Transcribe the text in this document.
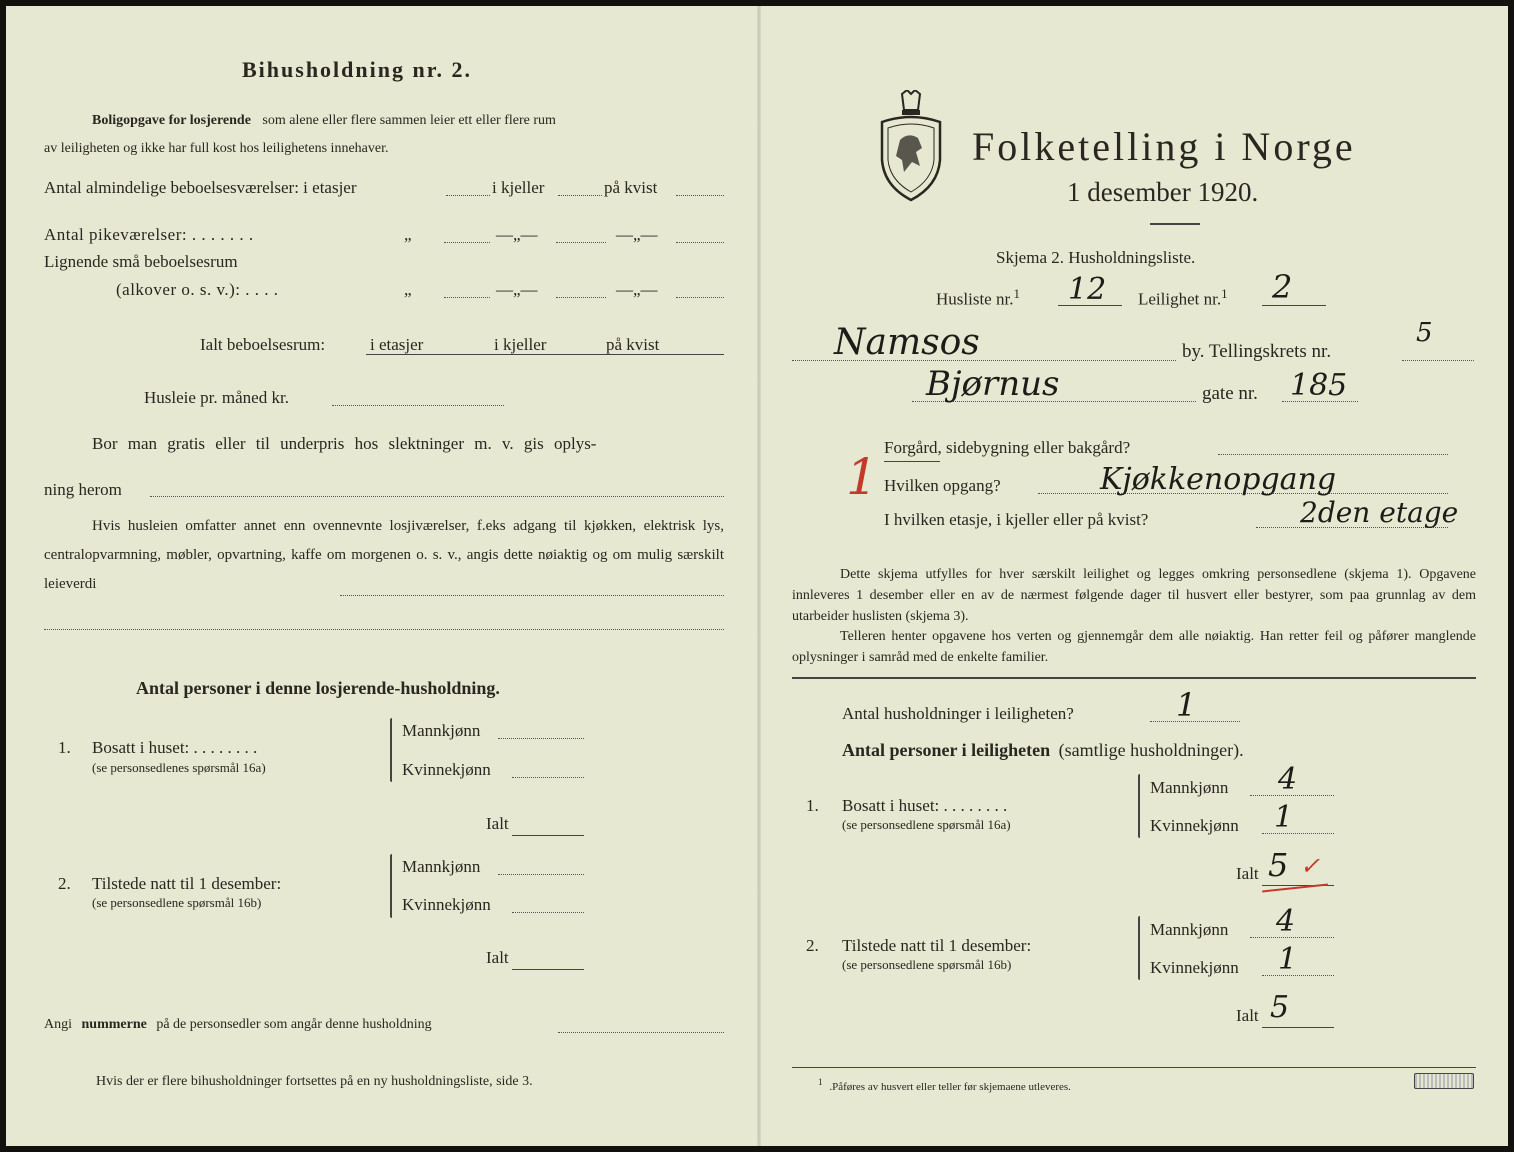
Bihusholdning nr. 2.
Boligopgave for losjerende som alene eller flere sammen leier ett eller flere rum
av leiligheten og ikke har full kost hos leilighetens innehaver.
Antal almindelige beboelsesværelser: i etasjer	i kjeller	på kvist
Antal pikeværelser: . . . . . . .	„	—„—	—„—
Lignende små beboelsesrum
(alkover o. s. v.): . . . .	„	—„—	—„—
Ialt beboelsesrum:	i etasjer	i kjeller	på kvist
Husleie pr. måned kr.
Bor man gratis eller til underpris hos slektninger m. v. gis oplys-
ning herom
Hvis husleien omfatter annet enn ovennevnte losjiværelser, f.eks adgang til kjøkken, elektrisk lys, centralopvarmning, møbler, opvartning, kaffe om morgenen o. s. v., angis dette nøiaktig og om mulig særskilt leieverdi
Antal personer i denne losjerende-husholdning.
1. Bosatt i huset: . . . . . . . .
(se personsedlenes spørsmål 16a)
Mannkjønn
Kvinnekjønn
Ialt
2. Tilstede natt til 1 desember:
(se personsedlene spørsmål 16b)
Mannkjønn
Kvinnekjønn
Ialt
Angi nummerne på de personsedler som angår denne husholdning
Hvis der er flere bihusholdninger fortsettes på en ny husholdningsliste, side 3.
Folketelling i Norge
1 desember 1920.
Skjema 2. Husholdningsliste.
Husliste nr.$^1$ 12 Leilighet nr.$^1$ 2
Namsos	by. Tellingskrets nr.
5
Bjørnus	gate nr. 185
1
Forgård, sidebygning eller bakgård?
Hvilken opgang?	Kjøkkenopgang
I hvilken etasje, i kjeller eller på kvist?	2den etage
Dette skjema utfylles for hver særskilt leilighet og legges omkring personsedlene (skjema 1). Opgavene innleveres 1 desember eller en av de nærmest følgende dager til husvert eller bestyrer, som paa grunnlag av dem utarbeider huslisten (skjema 3).
Telleren henter opgavene hos verten og gjennemgår dem alle nøiaktig. Han retter feil og påfører manglende oplysninger i samråd med de enkelte familier.
Antal husholdninger i leiligheten?	1
Antal personer i leiligheten (samtlige husholdninger).
1. Bosatt i huset: . . . . . . . .
(se personsedlene spørsmål 16a)
Mannkjønn 4
Kvinnekjønn 1
Ialt 5 ✓
2. Tilstede natt til 1 desember:
(se personsedlene spørsmål 16b)
Mannkjønn 4
Kvinnekjønn 1
Ialt 5
$^1$ .Påføres av husvert eller teller før skjemaene utleveres.
